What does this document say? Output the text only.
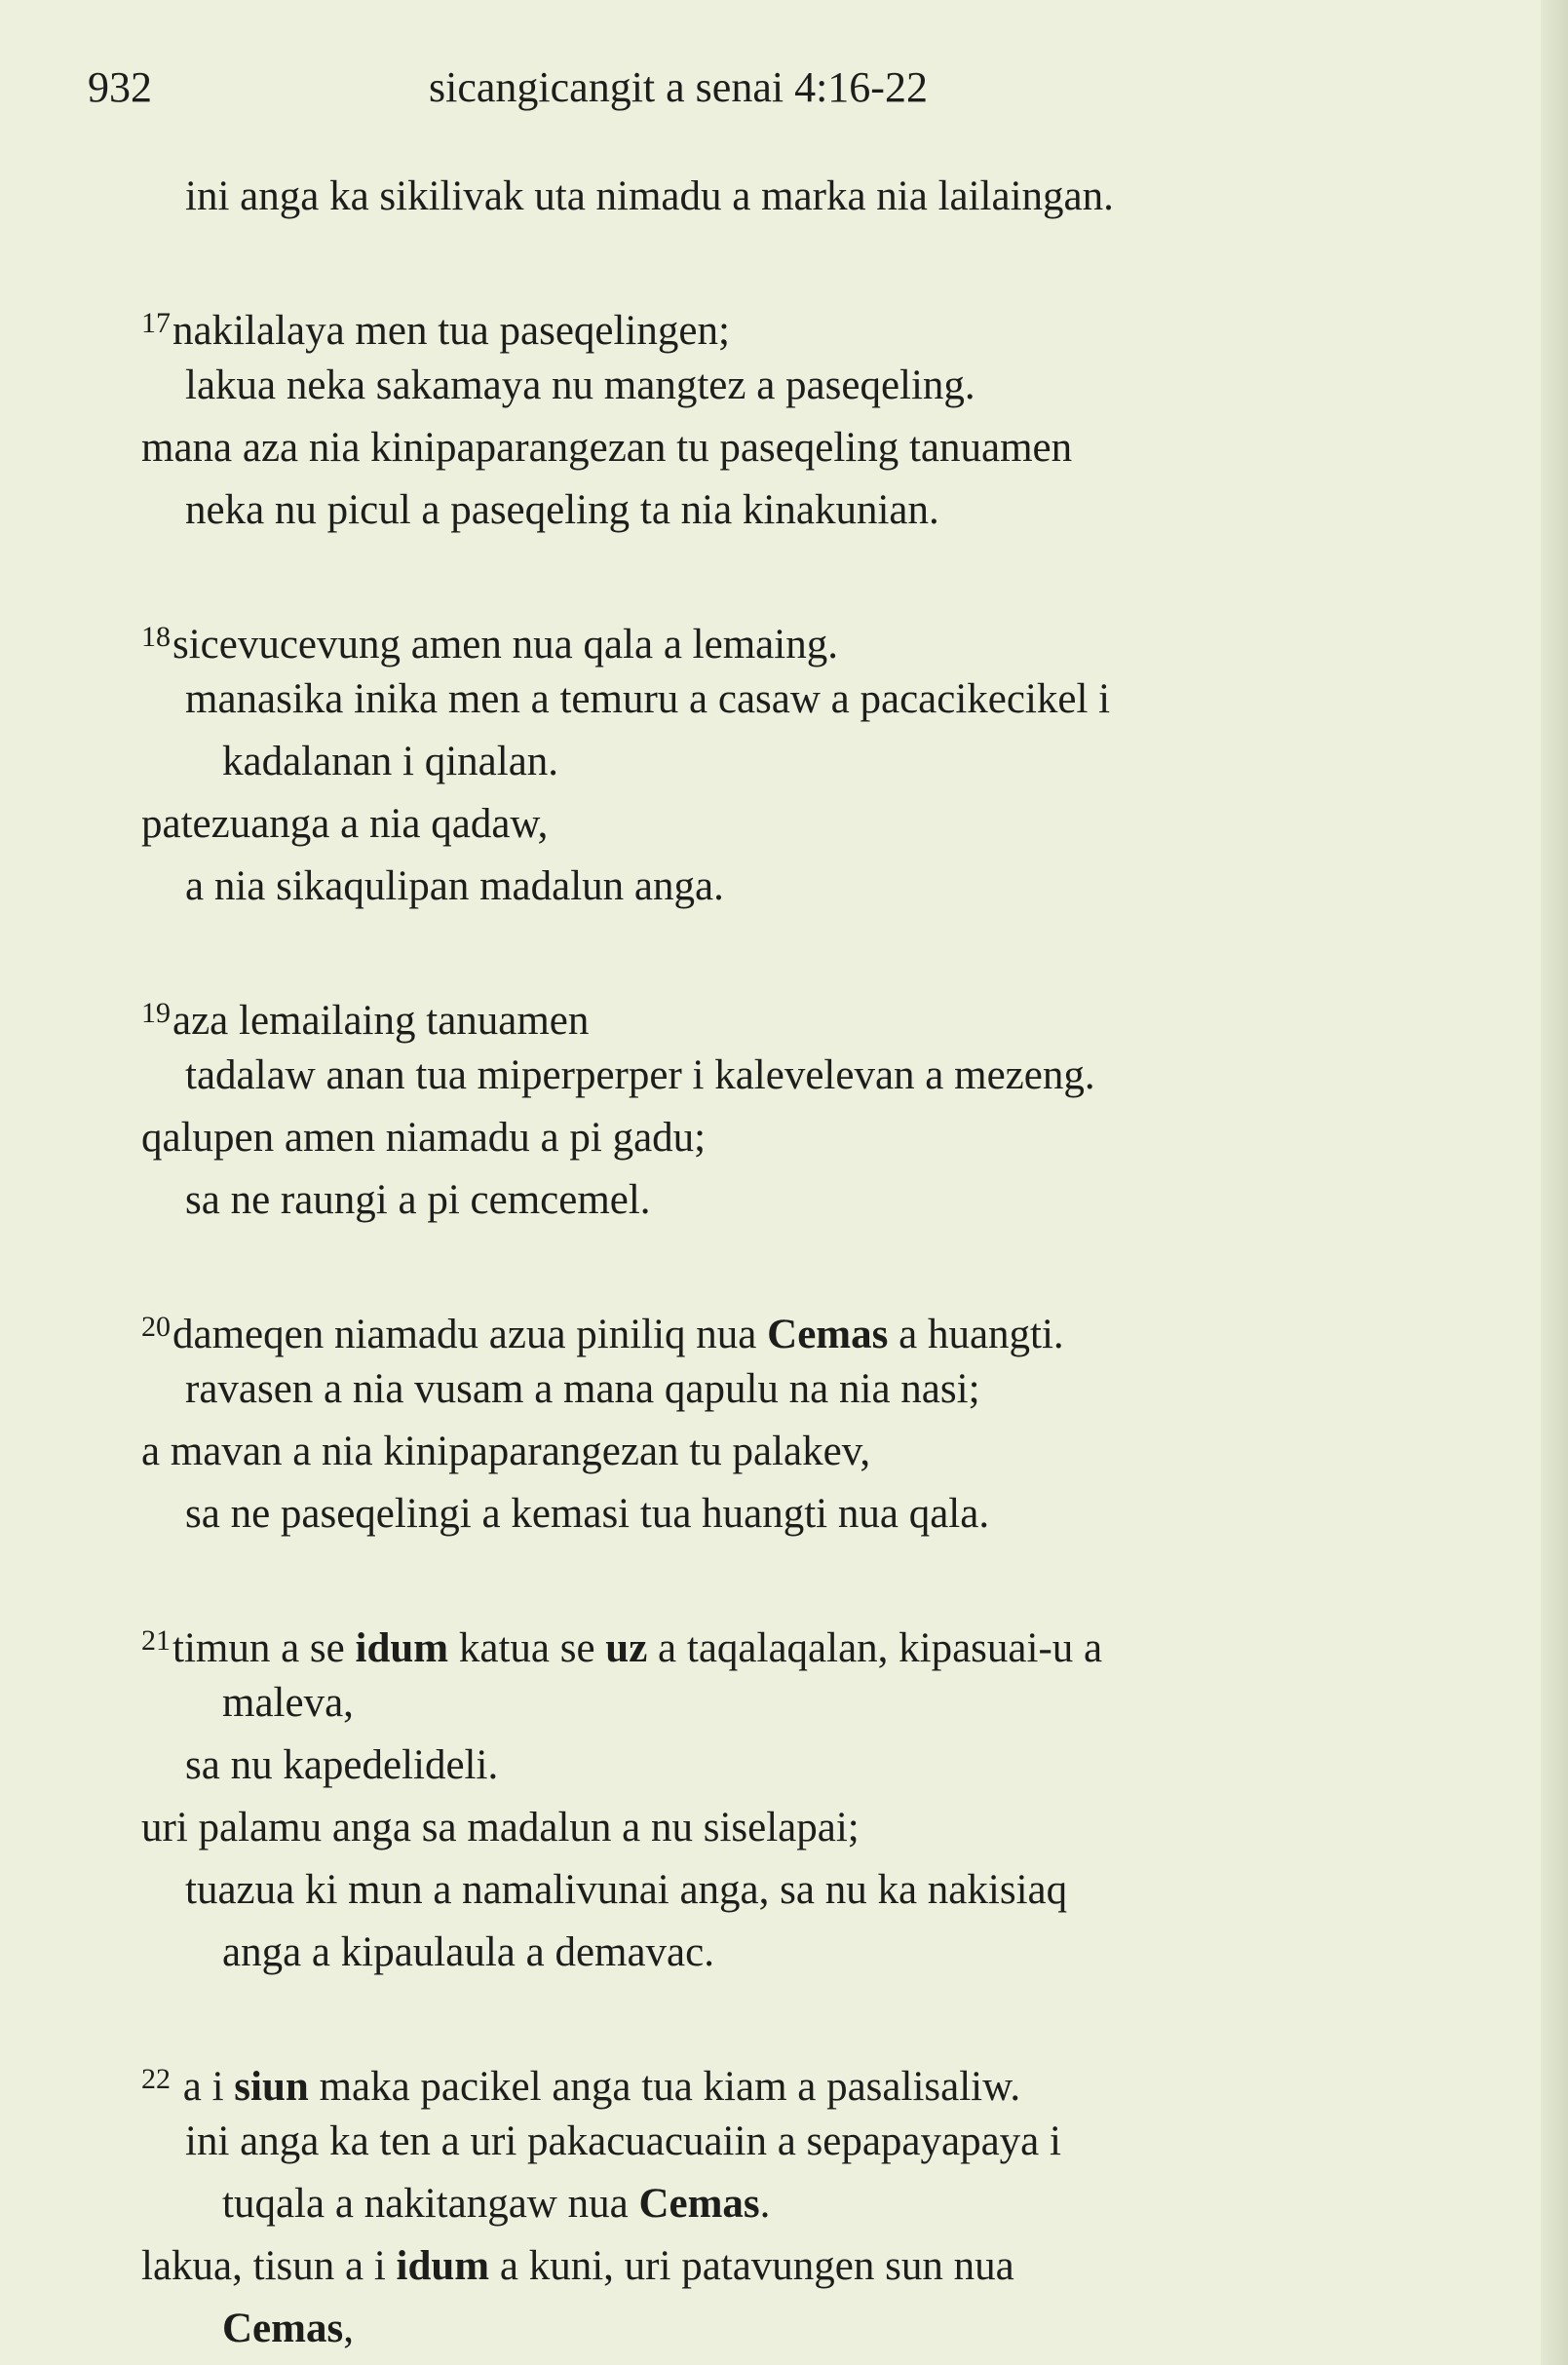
932	sicangicangit a senai 4:16-22
ini anga ka sikilivak uta nimadu a marka nia lailaingan.
$^{17}$nakilalaya men tua paseqelingen;
lakua neka sakamaya nu mangtez a paseqeling.
mana aza nia kinipaparangezan tu paseqeling tanuamen
neka nu picul a paseqeling ta nia kinakunian.
$^{18}$sicevucevung amen nua qala a lemaing.
manasika inika men a temuru a casaw a pacacikecikel i
kadalanan i qinalan.
patezuanga a nia qadaw,
a nia sikaqulipan madalun anga.
$^{19}$aza lemailaing tanuamen
tadalaw anan tua miperperper i kalevelevan a mezeng.
qalupen amen niamadu a pi gadu;
sa ne raungi a pi cemcemel.
$^{20}$dameqen niamadu azua piniliq nua Cemas a huangti.
ravasen a nia vusam a mana qapulu na nia nasi;
a mavan a nia kinipaparangezan tu palakev,
sa ne paseqelingi a kemasi tua huangti nua qala.
$^{21}$timun a se idum katua se uz a taqalaqalan, kipasuai-u a
maleva,
sa nu kapedelideli.
uri palamu anga sa madalun a nu siselapai;
tuazua ki mun a namalivunai anga, sa nu ka nakisiaq
anga a kipaulaula a demavac.
$^{22}$ a i siun maka pacikel anga tua kiam a pasalisaliw.
ini anga ka ten a uri pakacuacuaiin a sepapayapaya i
tuqala a nakitangaw nua Cemas.
lakua, tisun a i idum a kuni, uri patavungen sun nua
Cemas,
